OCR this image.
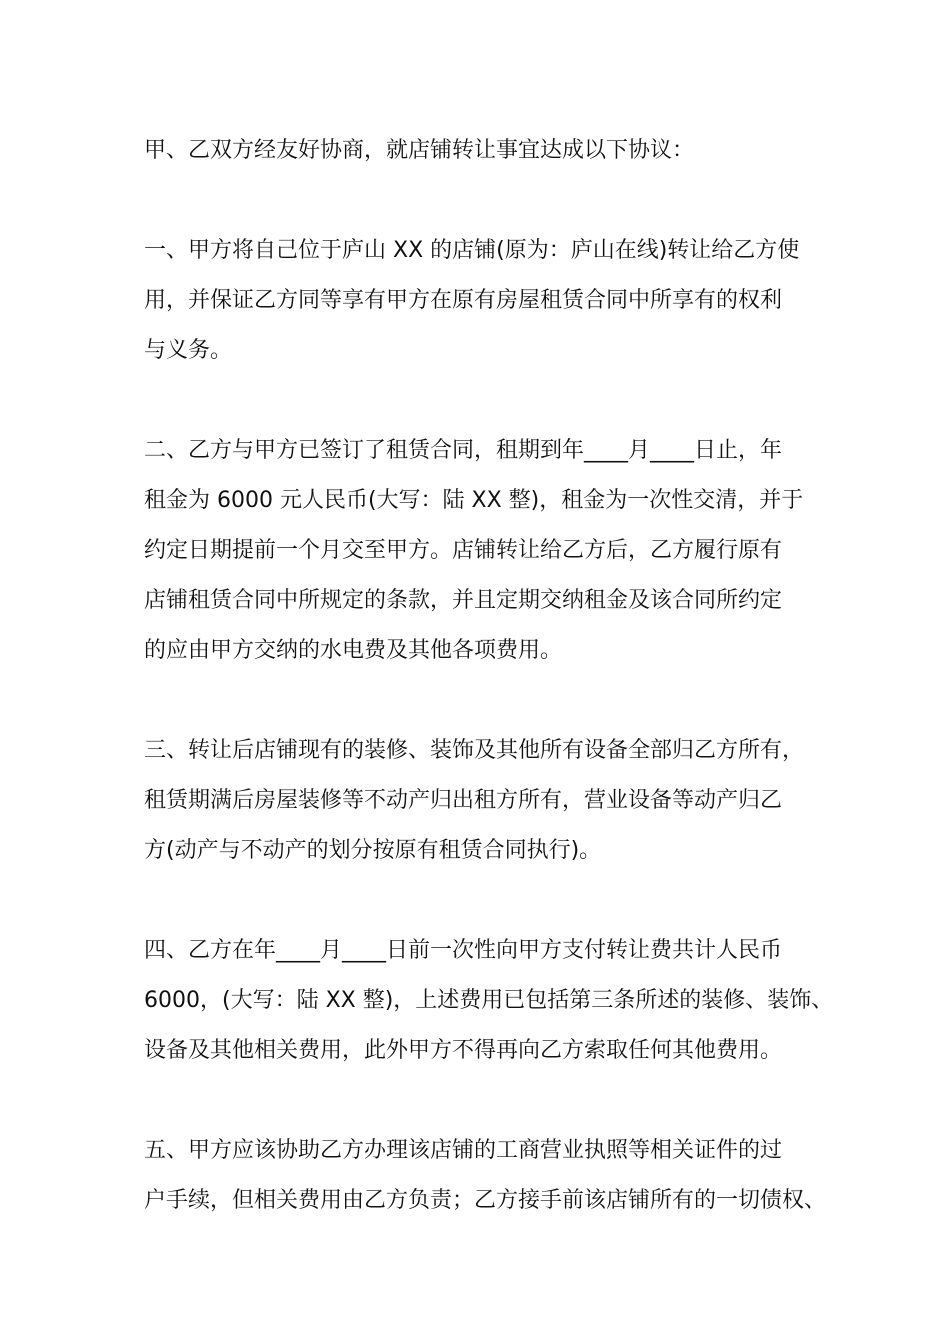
甲、乙双方经友好协商，就店铺转让事宜达成以下协议：

一、甲方将自己位于庐山 XX 的店铺(原为：庐山在线)转让给乙方使
用，并保证乙方同等享有甲方在原有房屋租赁合同中所享有的权利
与义务。

二、乙方与甲方已签订了租赁合同，租期到年____月____日止，年
租金为 6000 元人民币(大写：陆 XX 整)，租金为一次性交清，并于
约定日期提前一个月交至甲方。店铺转让给乙方后，乙方履行原有
店铺租赁合同中所规定的条款，并且定期交纳租金及该合同所约定
的应由甲方交纳的水电费及其他各项费用。

三、转让后店铺现有的装修、装饰及其他所有设备全部归乙方所有，
租赁期满后房屋装修等不动产归出租方所有，营业设备等动产归乙
方(动产与不动产的划分按原有租赁合同执行)。

四、乙方在年____月____日前一次性向甲方支付转让费共计人民币
6000，(大写：陆 XX 整)，上述费用已包括第三条所述的装修、装饰、
设备及其他相关费用，此外甲方不得再向乙方索取任何其他费用。

五、甲方应该协助乙方办理该店铺的工商营业执照等相关证件的过
户手续，但相关费用由乙方负责；乙方接手前该店铺所有的一切债权、
